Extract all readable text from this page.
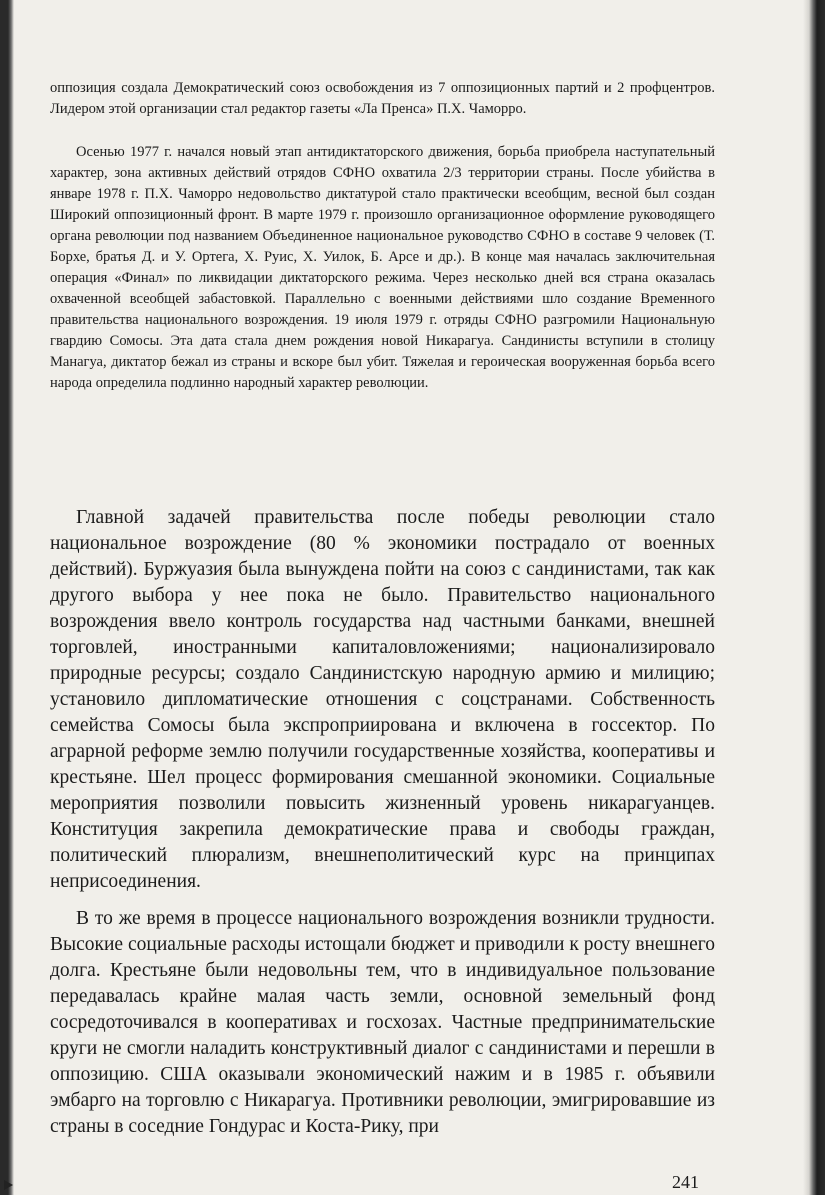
оппозиция создала Демократический союз освобождения из 7 оппозиционных партий и 2 профцентров. Лидером этой организации стал редактор газеты «Ла Пренса» П.Х. Чаморро.

Осенью 1977 г. начался новый этап антидиктаторского движения, борьба приобрела наступательный характер, зона активных действий отрядов СФНО охватила 2/3 территории страны. После убийства в январе 1978 г. П.Х. Чаморро недовольство диктатурой стало практически всеобщим, весной был создан Широкий оппозиционный фронт. В марте 1979 г. произошло организационное оформление руководящего органа революции под названием Объединенное национальное руководство СФНО в составе 9 человек (Т. Борхе, братья Д. и У. Ортега, Х. Руис, Х. Уилок, Б. Арсе и др.). В конце мая началась заключительная операция «Финал» по ликвидации диктаторского режима. Через несколько дней вся страна оказалась охваченной всеобщей забастовкой. Параллельно с военными действиями шло создание Временного правительства национального возрождения. 19 июля 1979 г. отряды СФНО разгромили Национальную гвардию Сомосы. Эта дата стала днем рождения новой Никарагуа. Сандинисты вступили в столицу Манагуа, диктатор бежал из страны и вскоре был убит. Тяжелая и героическая вооруженная борьба всего народа определила подлинно народный характер революции.

Главной задачей правительства после победы революции стало национальное возрождение (80 % экономики пострадало от военных действий). Буржуазия была вынуждена пойти на союз с сандинистами, так как другого выбора у нее пока не было. Правительство национального возрождения ввело контроль государства над частными банками, внешней торговлей, иностранными капиталовложениями; национализировало природные ресурсы; создало Сандинистскую народную армию и милицию; установило дипломатические отношения с соцстранами. Собственность семейства Сомосы была экспроприирована и включена в госсектор. По аграрной реформе землю получили государственные хозяйства, кооперативы и крестьяне. Шел процесс формирования смешанной экономики. Социальные мероприятия позволили повысить жизненный уровень никарагуанцев. Конституция закрепила демократические права и свободы граждан, политический плюрализм, внешнеполитический курс на принципах неприсоединения.

В то же время в процессе национального возрождения возникли трудности. Высокие социальные расходы истощали бюджет и приводили к росту внешнего долга. Крестьяне были недовольны тем, что в индивидуальное пользование передавалась крайне малая часть земли, основной земельный фонд сосредоточивался в кооперативах и госхозах. Частные предпринимательские круги не смогли наладить конструктивный диалог с сандинистами и перешли в оппозицию. США оказывали экономический нажим и в 1985 г. объявили эмбарго на торговлю с Никарагуа. Противники революции, эмигрировавшие из страны в соседние Гондурас и Коста-Рику, при

241
